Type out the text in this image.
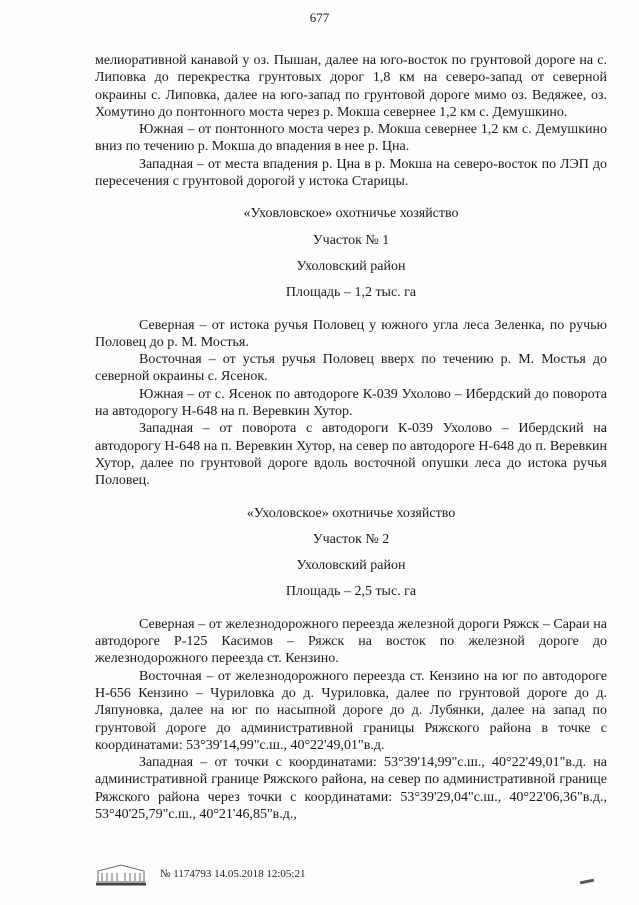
677

мелиоративной канавой у оз. Пышан, далее на юго-восток по грунтовой дороге на с. Липовка до перекрестка грунтовых дорог 1,8 км на северо-запад от северной окраины с. Липовка, далее на юго-запад по грунтовой дороге мимо оз. Ведяжее, оз. Хомутино до понтонного моста через р. Мокша севернее 1,2 км с. Демушкино.

Южная – от понтонного моста через р. Мокша севернее 1,2 км с. Демушкино вниз по течению р. Мокша до впадения в нее р. Цна.

Западная – от места впадения р. Цна в р. Мокша на северо-восток по ЛЭП до пересечения с грунтовой дорогой у истока Старицы.

«Уховловское» охотничье хозяйство

Участок № 1

Ухоловский район

Площадь – 1,2 тыс. га

Северная – от истока ручья Половец у южного угла леса Зеленка, по ручью Половец до р. М. Мостья.

Восточная – от устья ручья Половец вверх по течению р. М. Мостья до северной окраины с. Ясенок.

Южная – от с. Ясенок по автодороге К-039 Ухолово – Ибердский до поворота на автодорогу Н-648 на п. Веревкин Хутор.

Западная – от поворота с автодороги К-039 Ухолово – Ибердский на автодорогу Н-648 на п. Веревкин Хутор, на север по автодороге Н-648 до п. Веревкин Хутор, далее по грунтовой дороге вдоль восточной опушки леса до истока ручья Половец.

«Ухоловское» охотничье хозяйство

Участок № 2

Ухоловский район

Площадь – 2,5 тыс. га

Северная – от железнодорожного переезда железной дороги Ряжск – Сараи на автодороге Р-125 Касимов – Ряжск на восток по железной дороге до железнодорожного переезда ст. Кензино.

Восточная – от железнодорожного переезда ст. Кензино на юг по автодороге Н-656 Кензино – Чуриловка до д. Чуриловка, далее по грунтовой дороге до д. Ляпуновка, далее на юг по насыпной дороге до д. Лубянки, далее на запад по грунтовой дороге до административной границы Ряжского района в точке с координатами: 53°39'14,99"с.ш., 40°22'49,01"в.д.

Западная – от точки с координатами: 53°39'14,99"с.ш., 40°22'49,01"в.д. на административной границе Ряжского района, на север по административной границе Ряжского района через точки с координатами: 53°39'29,04"с.ш., 40°22'06,36"в.д., 53°40'25,79"с.ш., 40°21'46,85"в.д.,

№ 1174793 14.05.2018 12:05:21
